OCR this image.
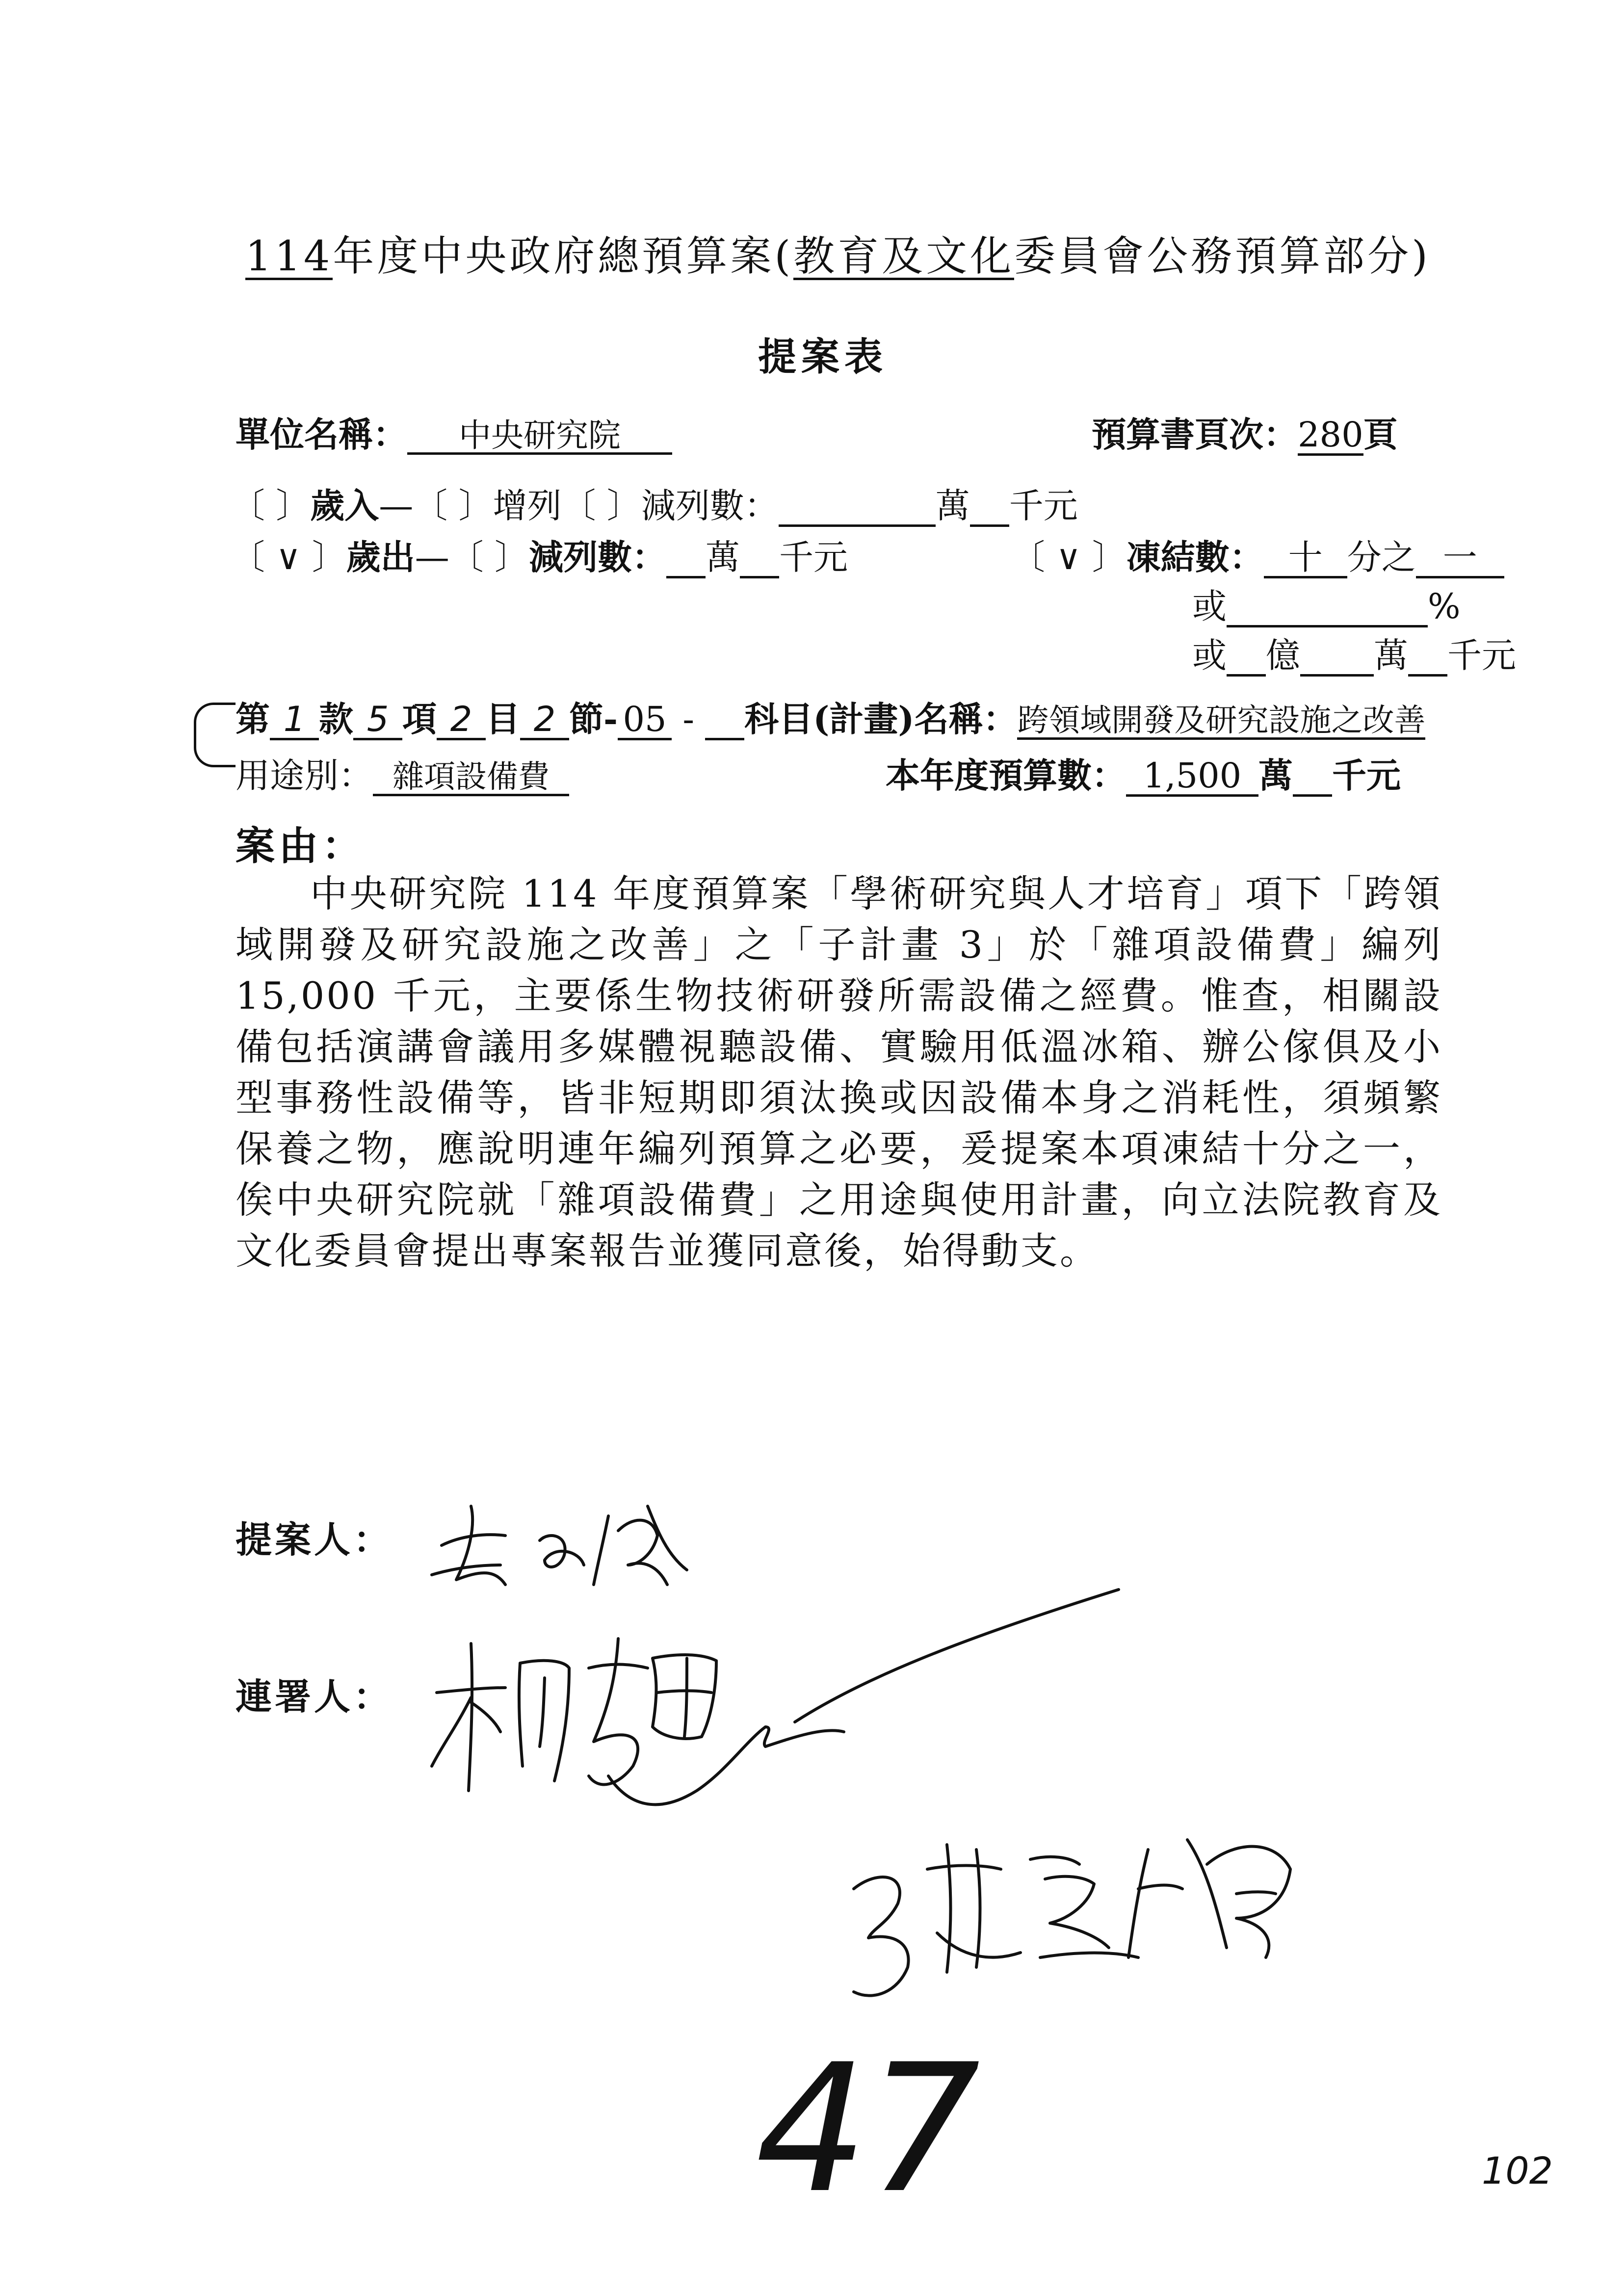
114年度中央政府總預算案(教育及文化委員會公務預算部分)
提案表
單位名稱： 中央研究院	預算書頁次：280頁
〔 〕歲入—〔 〕增列〔 〕減列數：	萬 千元
〔 ∨ 〕歲出—〔 〕減列數： 萬 千元	〔 ∨ 〕凍結數： 十 分之 一
或	%
或 億 萬 千元
第 1 款 5 項 2 目 2 節- 05 -  科目(計畫)名稱：跨領域開發及研究設施之改善
用途別： 雜項設備費	本年度預算數： 1,500 萬 千元
案由：
中央研究院 114 年度預算案「學術研究與人才培育」項下「跨領域開發及研究設施之改善」之「子計畫 3」於「雜項設備費」編列 15,000 千元，主要係生物技術研發所需設備之經費。惟查，相關設備包括演講會議用多媒體視聽設備、實驗用低溫冰箱、辦公傢俱及小型事務性設備等，皆非短期即須汰換或因設備本身之消耗性，須頻繁保養之物，應說明連年編列預算之必要，爰提案本項凍結十分之一，俟中央研究院就「雜項設備費」之用途與使用計畫，向立法院教育及文化委員會提出專案報告並獲同意後，始得動支。
提案人：
連署人：
47	102
